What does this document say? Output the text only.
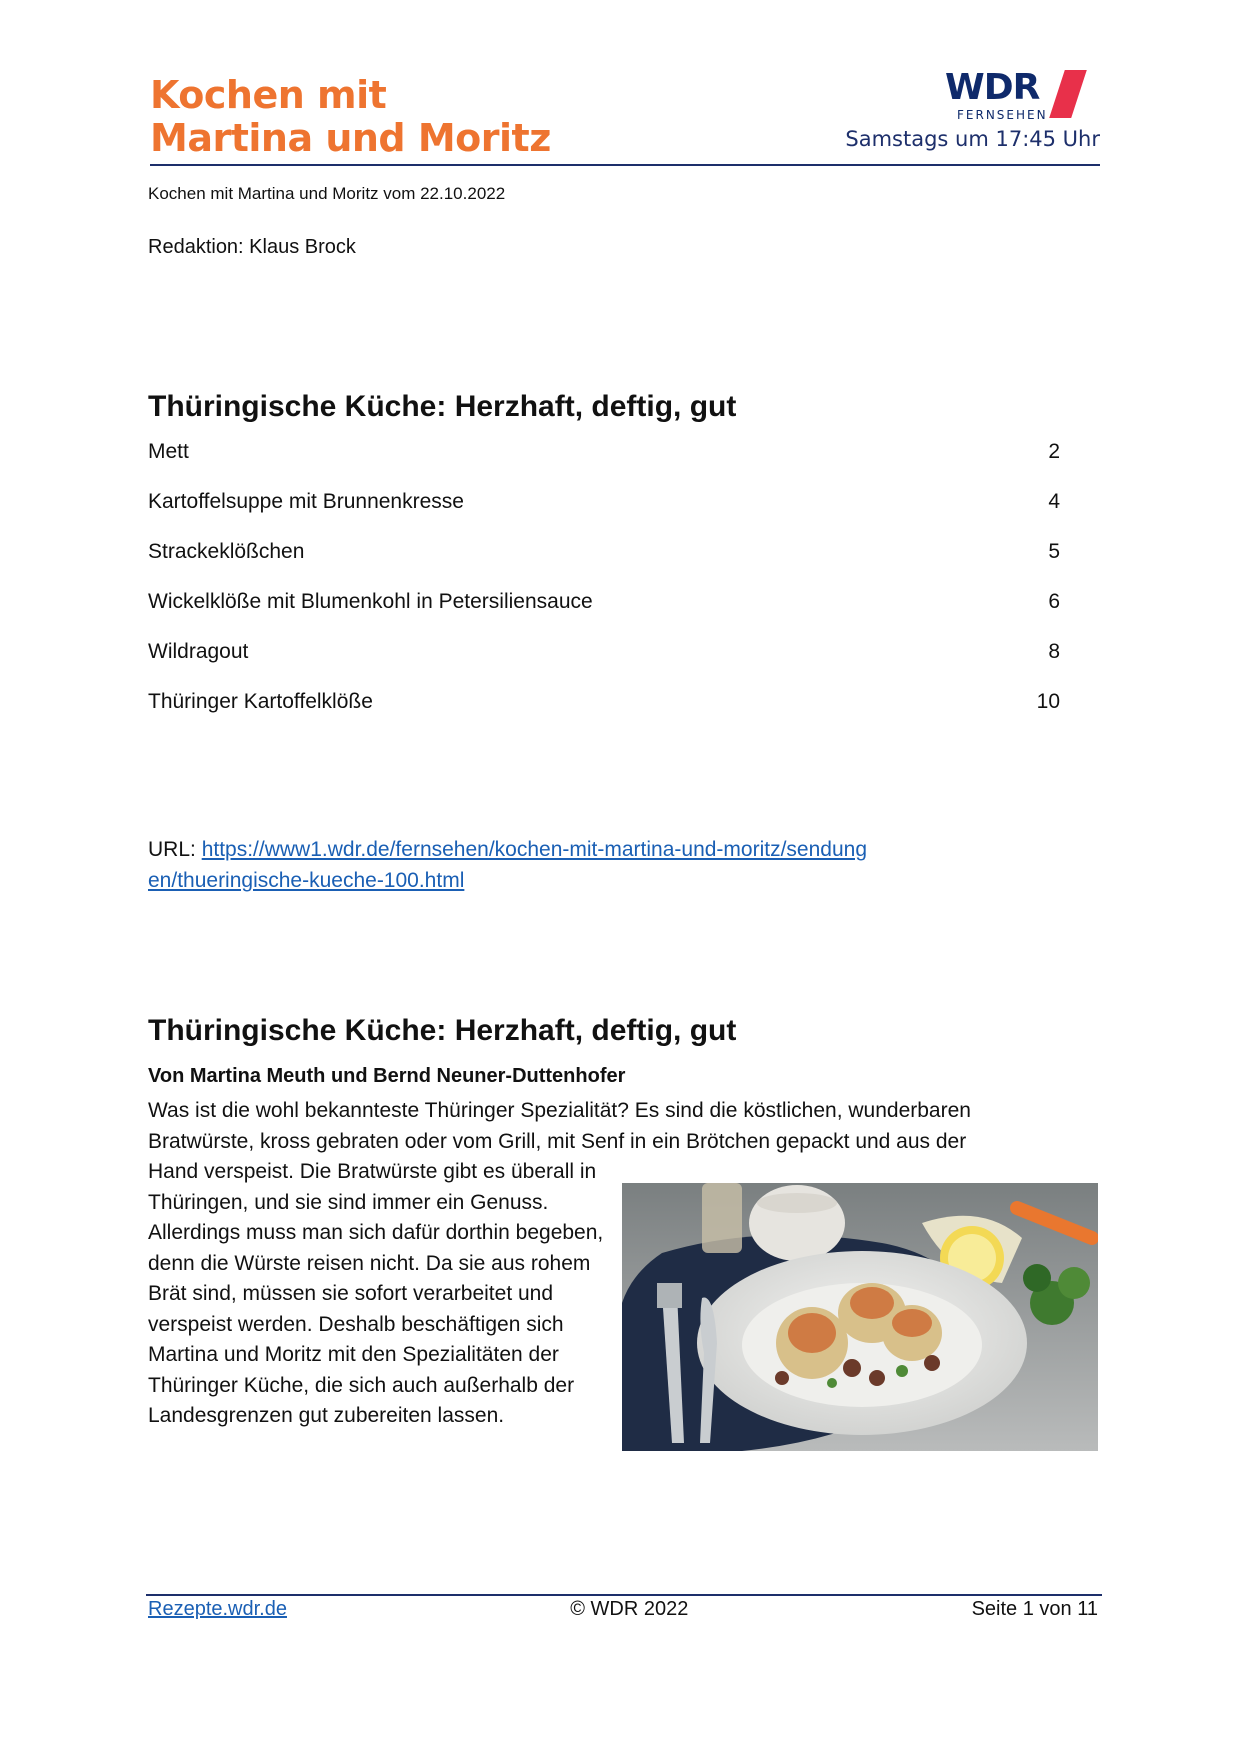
Kochen mit
Martina und Moritz
WDR
FERNSEHEN
Samstags um 17:45 Uhr
Kochen mit Martina und Moritz vom 22.10.2022
Redaktion: Klaus Brock
Thüringische Küche: Herzhaft, deftig, gut
Mett	2
Kartoffelsuppe mit Brunnenkresse	4
Strackeklößchen	5
Wickelklöße mit Blumenkohl in Petersiliensauce	6
Wildragout	8
Thüringer Kartoffelklöße	10
URL: https://www1.wdr.de/fernsehen/kochen-mit-martina-und-moritz/sendungen/thueringische-kueche-100.html
Thüringische Küche: Herzhaft, deftig, gut
Von Martina Meuth und Bernd Neuner-Duttenhofer

Was ist die wohl bekannteste Thüringer Spezialität? Es sind die köstlichen, wunderbaren Bratwürste, kross gebraten oder vom Grill, mit Senf in ein Brötchen gepackt und aus der

Hand verspeist. Die Bratwürste gibt es überall in Thüringen, und sie sind immer ein Genuss. Allerdings muss man sich dafür dorthin begeben, denn die Würste reisen nicht. Da sie aus rohem Brät sind, müssen sie sofort verarbeitet und verspeist werden. Deshalb beschäftigen sich Martina und Moritz mit den Spezialitäten der Thüringer Küche, die sich auch außerhalb der Landesgrenzen gut zubereiten lassen.

Rezepte.wdr.de	© WDR 2022	Seite 1 von 11
